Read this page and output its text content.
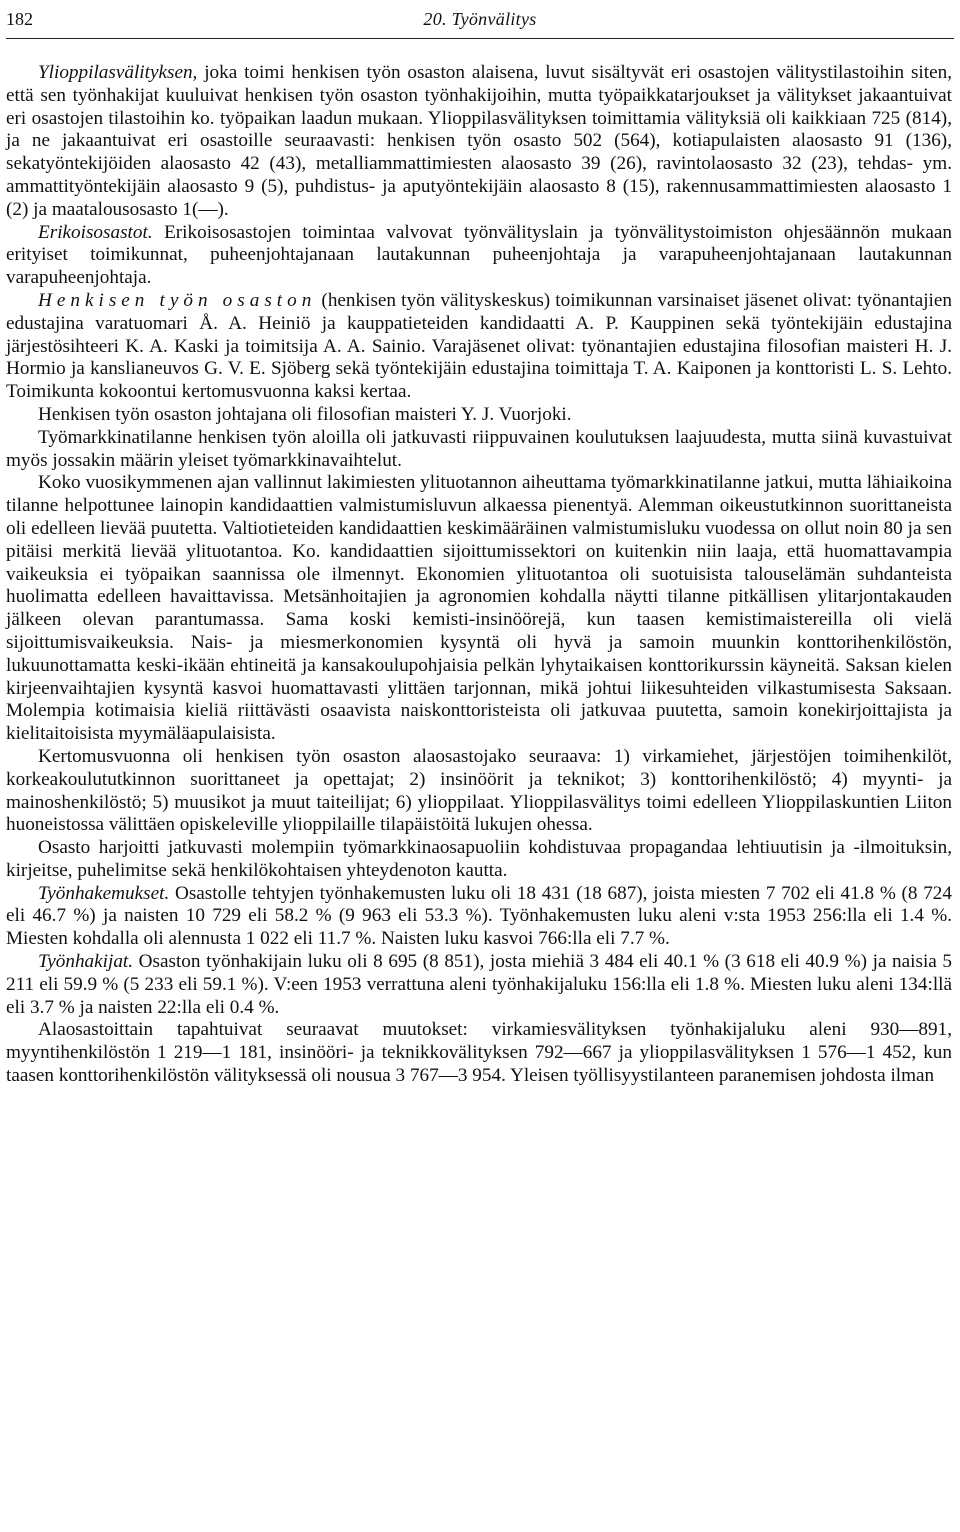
182	20. Työnvälitys

Ylioppilasvälityksen, joka toimi henkisen työn osaston alaisena, luvut sisältyvät eri osastojen välitystilastoihin siten, että sen työnhakijat kuuluivat henkisen työn osaston työnhakijoihin, mutta työpaikkatarjoukset ja välitykset jakaantuivat eri osastojen tilastoihin ko. työpaikan laadun mukaan. Ylioppilasvälityksen toimittamia välityksiä oli kaikkiaan 725 (814), ja ne jakaantuivat eri osastoille seuraavasti: henkisen työn osasto 502 (564), kotiapulaisten alaosasto 91 (136), sekatyöntekijöiden alaosasto 42 (43), metalliammattimiesten alaosasto 39 (26), ravintolaosasto 32 (23), tehdas- ym. ammattityöntekijäin alaosasto 9 (5), puhdistus- ja aputyöntekijäin alaosasto 8 (15), rakennusammattimiesten alaosasto 1 (2) ja maatalousosasto 1(—).

Erikoisosastot. Erikoisosastojen toimintaa valvovat työnvälityslain ja työnvälitystoimiston ohjesäännön mukaan erityiset toimikunnat, puheenjohtajanaan lautakunnan puheenjohtaja ja varapuheenjohtajanaan lautakunnan varapuheenjohtaja.

Henkisen työn osaston (henkisen työn välityskeskus) toimikunnan varsinaiset jäsenet olivat: työnantajien edustajina varatuomari Å. A. Heiniö ja kauppatieteiden kandidaatti A. P. Kauppinen sekä työntekijäin edustajina järjestösihteeri K. A. Kaski ja toimitsija A. A. Sainio. Varajäsenet olivat: työnantajien edustajina filosofian maisteri H. J. Hormio ja kanslianeuvos G. V. E. Sjöberg sekä työntekijäin edustajina toimittaja T. A. Kaiponen ja konttoristi L. S. Lehto. Toimikunta kokoontui kertomusvuonna kaksi kertaa.

Henkisen työn osaston johtajana oli filosofian maisteri Y. J. Vuorjoki.

Työmarkkinatilanne henkisen työn aloilla oli jatkuvasti riippuvainen koulutuksen laajuudesta, mutta siinä kuvastuivat myös jossakin määrin yleiset työmarkkinavaihtelut.

Koko vuosikymmenen ajan vallinnut lakimiesten ylituotannon aiheuttama työmarkkinatilanne jatkui, mutta lähiaikoina tilanne helpottunee lainopin kandidaattien valmistumisluvun alkaessa pienentyä. Alemman oikeustutkinnon suorittaneista oli edelleen lievää puutetta. Valtiotieteiden kandidaattien keskimääräinen valmistumisluku vuodessa on ollut noin 80 ja sen pitäisi merkitä lievää ylituotantoa. Ko. kandidaattien sijoittumissektori on kuitenkin niin laaja, että huomattavampia vaikeuksia ei työpaikan saannissa ole ilmennyt. Ekonomien ylituotantoa oli suotuisista talouselämän suhdanteista huolimatta edelleen havaittavissa. Metsänhoitajien ja agronomien kohdalla näytti tilanne pitkällisen ylitarjontakauden jälkeen olevan parantumassa. Sama koski kemisti-insinöörejä, kun taasen kemistimaistereilla oli vielä sijoittumisvaikeuksia. Nais- ja miesmerkonomien kysyntä oli hyvä ja samoin muunkin konttorihenkilöstön, lukuunottamatta keski-ikään ehtineitä ja kansakoulupohjaisia pelkän lyhytaikaisen konttorikurssin käyneitä. Saksan kielen kirjeenvaihtajien kysyntä kasvoi huomattavasti ylittäen tarjonnan, mikä johtui liikesuhteiden vilkastumisesta Saksaan. Molempia kotimaisia kieliä riittävästi osaavista naiskonttoristeista oli jatkuvaa puutetta, samoin konekirjoittajista ja kielitaitoisista myymäläapulaisista.

Kertomusvuonna oli henkisen työn osaston alaosastojako seuraava: 1) virkamiehet, järjestöjen toimihenkilöt, korkeakoulututkinnon suorittaneet ja opettajat; 2) insinöörit ja teknikot; 3) konttorihenkilöstö; 4) myynti- ja mainoshenkilöstö; 5) muusikot ja muut taiteilijat; 6) ylioppilaat. Ylioppilasvälitys toimi edelleen Ylioppilaskuntien Liiton huoneistossa välittäen opiskeleville ylioppilaille tilapäistöitä lukujen ohessa.

Osasto harjoitti jatkuvasti molempiin työmarkkinaosapuoliin kohdistuvaa propagandaa lehtiuutisin ja -ilmoituksin, kirjeitse, puhelimitse sekä henkilökohtaisen yhteydenoton kautta.

Työnhakemukset. Osastolle tehtyjen työnhakemusten luku oli 18 431 (18 687), joista miesten 7 702 eli 41.8 % (8 724 eli 46.7 %) ja naisten 10 729 eli 58.2 % (9 963 eli 53.3 %). Työnhakemusten luku aleni v:sta 1953 256:lla eli 1.4 %. Miesten kohdalla oli alennusta 1 022 eli 11.7 %. Naisten luku kasvoi 766:lla eli 7.7 %.

Työnhakijat. Osaston työnhakijain luku oli 8 695 (8 851), josta miehiä 3 484 eli 40.1 % (3 618 eli 40.9 %) ja naisia 5 211 eli 59.9 % (5 233 eli 59.1 %). V:een 1953 verrattuna aleni työnhakijaluku 156:lla eli 1.8 %. Miesten luku aleni 134:llä eli 3.7 % ja naisten 22:lla eli 0.4 %.

Alaosastoittain tapahtuivat seuraavat muutokset: virkamiesvälityksen työnhakijaluku aleni 930—891, myyntihenkilöstön 1 219—1 181, insinööri- ja teknikkovälityksen 792—667 ja ylioppilasvälityksen 1 576—1 452, kun taasen konttorihenkilöstön välityksessä oli nousua 3 767—3 954. Yleisen työllisyystilanteen paranemisen johdosta ilman
